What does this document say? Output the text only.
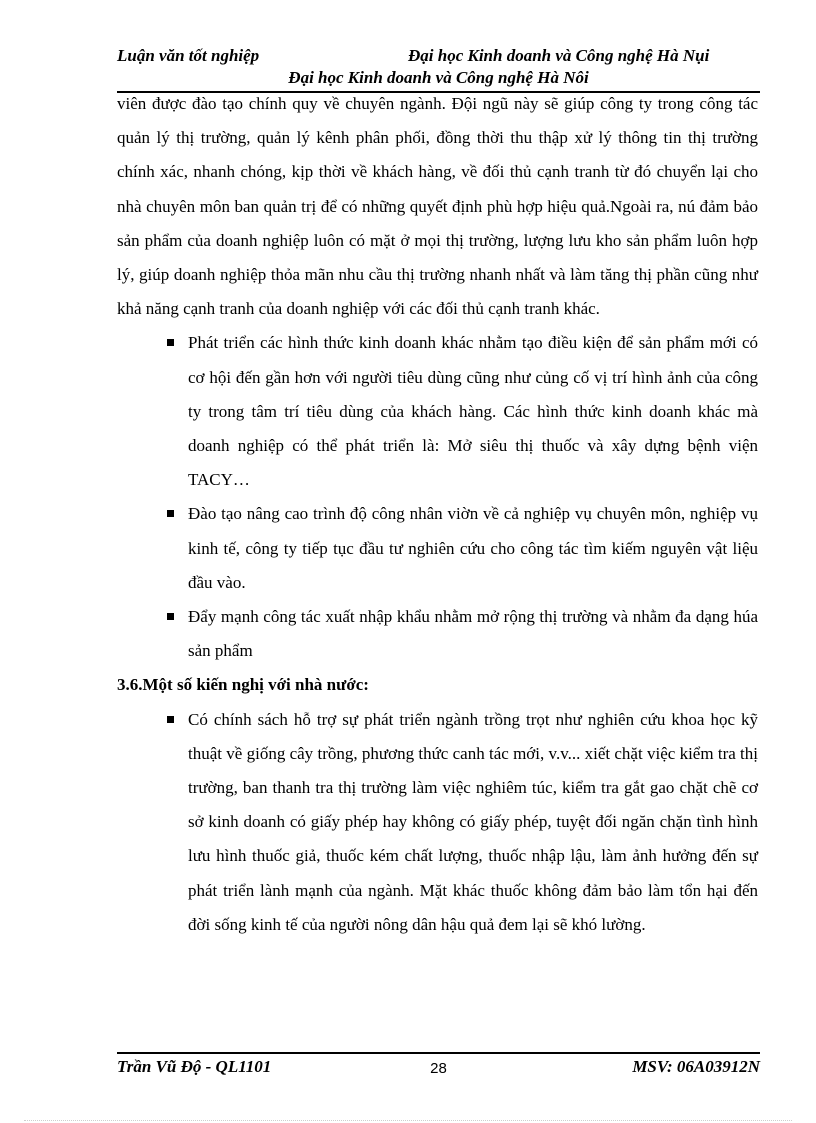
Luận văn tốt nghiệp	Đại học Kinh doanh và Công nghệ Hà Nụi
Đại học Kinh doanh và Công nghệ Hà Nôi

viên được đào tạo chính quy về chuyên ngành. Đội ngũ này sẽ giúp công ty trong công tác quản lý thị trường, quản lý kênh phân phối, đồng thời thu thập xử lý thông tin thị trường chính xác, nhanh chóng, kịp thời về khách hàng, về đối thủ cạnh tranh từ đó chuyển lại cho nhà chuyên môn ban quản trị để có những quyết định phù hợp hiệu quả.Ngoài ra, nú đảm bảo sản phẩm của doanh nghiệp luôn có mặt ở mọi thị trường, lượng lưu kho sản phẩm luôn hợp lý, giúp doanh nghiệp thỏa mãn nhu cầu thị trường nhanh nhất và làm tăng thị phần cũng như khả năng cạnh tranh của doanh nghiệp với các đối thủ cạnh tranh khác.

Phát triển các hình thức kinh doanh khác nhằm tạo điều kiện để sản phẩm mới có cơ hội đến gần hơn với người tiêu dùng cũng như củng cố vị trí hình ảnh của công ty trong tâm trí tiêu dùng của khách hàng. Các hình thức kinh doanh khác mà doanh nghiệp có thể phát triển là: Mở siêu thị thuốc và xây dựng bệnh viện TACY…
Đào tạo nâng cao trình độ công nhân viờn về cả nghiệp vụ chuyên môn, nghiệp vụ kinh tế, công ty tiếp tục đầu tư nghiên cứu cho công tác tìm kiếm nguyên vật liệu đầu vào.
Đẩy mạnh công tác xuất nhập khẩu nhằm mở rộng thị trường và nhằm đa dạng húa sản phẩm

3.6.Một số kiến nghị với nhà nước:

Có chính sách hỗ trợ sự phát triển ngành trồng trọt như nghiên cứu khoa học kỹ thuật về giống cây trồng, phương thức canh tác mới, v.v... xiết chặt việc kiểm tra thị trường, ban thanh tra thị trường làm việc nghiêm túc, kiểm tra gắt gao chặt chẽ cơ sở kinh doanh có giấy phép hay không có giấy phép, tuyệt đối ngăn chặn tình hình lưu hình thuốc giả, thuốc kém chất lượng, thuốc nhập lậu, làm ảnh hưởng đến sự phát triển lành mạnh của ngành. Mặt khác thuốc không đảm bảo làm tổn hại đến đời sống kinh tế của người nông dân hậu quả đem lại sẽ khó lường.
Trần Vũ Độ - QL1101	28	MSV: 06A03912N
